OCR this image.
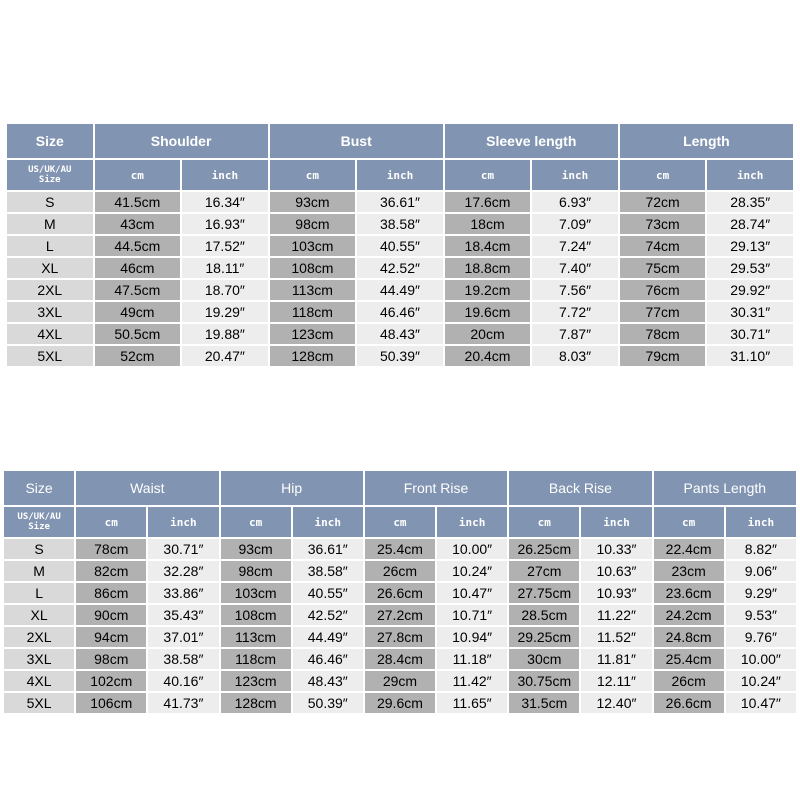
Size	Shoulder		Bust		Sleeve length		Length	

US/UK/AU
Size	cm	inch	cm	inch	cm	inch	cm	inch
S	41.5cm	16.34″	93cm	36.61″	17.6cm	6.93″	72cm	28.35″
M	43cm	16.93″	98cm	38.58″	18cm	7.09″	73cm	28.74″
L	44.5cm	17.52″	103cm	40.55″	18.4cm	7.24″	74cm	29.13″
XL	46cm	18.11″	108cm	42.52″	18.8cm	7.40″	75cm	29.53″
2XL	47.5cm	18.70″	113cm	44.49″	19.2cm	7.56″	76cm	29.92″
3XL	49cm	19.29″	118cm	46.46″	19.6cm	7.72″	77cm	30.31″
4XL	50.5cm	19.88″	123cm	48.43″	20cm	7.87″	78cm	30.71″
5XL	52cm	20.47″	128cm	50.39″	20.4cm	8.03″	79cm	31.10″
Size	Waist		Hip		Front Rise		Back Rise		Pants Length	

US/UK/AU
Size	cm	inch	cm	inch	cm	inch	cm	inch	cm	inch
S	78cm	30.71″	93cm	36.61″	25.4cm	10.00″	26.25cm	10.33″	22.4cm	8.82″
M	82cm	32.28″	98cm	38.58″	26cm	10.24″	27cm	10.63″	23cm	9.06″
L	86cm	33.86″	103cm	40.55″	26.6cm	10.47″	27.75cm	10.93″	23.6cm	9.29″
XL	90cm	35.43″	108cm	42.52″	27.2cm	10.71″	28.5cm	11.22″	24.2cm	9.53″
2XL	94cm	37.01″	113cm	44.49″	27.8cm	10.94″	29.25cm	11.52″	24.8cm	9.76″
3XL	98cm	38.58″	118cm	46.46″	28.4cm	11.18″	30cm	11.81″	25.4cm	10.00″
4XL	102cm	40.16″	123cm	48.43″	29cm	11.42″	30.75cm	12.11″	26cm	10.24″
5XL	106cm	41.73″	128cm	50.39″	29.6cm	11.65″	31.5cm	12.40″	26.6cm	10.47″
